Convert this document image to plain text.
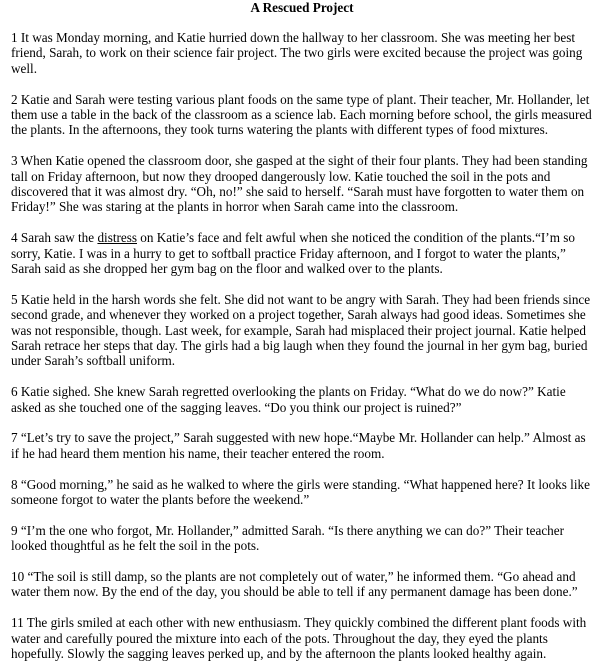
A Rescued Project

1 It was Monday morning, and Katie hurried down the hallway to her classroom. She was meeting her best friend, Sarah, to work on their science fair project. The two girls were excited because the project was going well.

2 Katie and Sarah were testing various plant foods on the same type of plant. Their teacher, Mr. Hollander, let them use a table in the back of the classroom as a science lab. Each morning before school, the girls measured the plants. In the afternoons, they took turns watering the plants with different types of food mixtures.

3 When Katie opened the classroom door, she gasped at the sight of their four plants. They had been standing tall on Friday afternoon, but now they drooped dangerously low. Katie touched the soil in the pots and discovered that it was almost dry. “Oh, no!” she said to herself. “Sarah must have forgotten to water them on Friday!” She was staring at the plants in horror when Sarah came into the classroom.

4 Sarah saw the distress on Katie’s face and felt awful when she noticed the condition of the plants.“I’m so sorry, Katie. I was in a hurry to get to softball practice Friday afternoon, and I forgot to water the plants,” Sarah said as she dropped her gym bag on the floor and walked over to the plants.

5 Katie held in the harsh words she felt. She did not want to be angry with Sarah. They had been friends since second grade, and whenever they worked on a project together, Sarah always had good ideas. Sometimes she was not responsible, though. Last week, for example, Sarah had misplaced their project journal. Katie helped Sarah retrace her steps that day. The girls had a big laugh when they found the journal in her gym bag, buried under Sarah’s softball uniform.

6 Katie sighed. She knew Sarah regretted overlooking the plants on Friday. “What do we do now?” Katie asked as she touched one of the sagging leaves. “Do you think our project is ruined?”

7 “Let’s try to save the project,” Sarah suggested with new hope.“Maybe Mr. Hollander can help.” Almost as if he had heard them mention his name, their teacher entered the room.

8 “Good morning,” he said as he walked to where the girls were standing. “What happened here? It looks like someone forgot to water the plants before the weekend.”

9 “I’m the one who forgot, Mr. Hollander,” admitted Sarah. “Is there anything we can do?” Their teacher looked thoughtful as he felt the soil in the pots.

10 “The soil is still damp, so the plants are not completely out of water,” he informed them. “Go ahead and water them now. By the end of the day, you should be able to tell if any permanent damage has been done.”

11 The girls smiled at each other with new enthusiasm. They quickly combined the different plant foods with water and carefully poured the mixture into each of the pots. Throughout the day, they eyed the plants hopefully. Slowly the sagging leaves perked up, and by the afternoon the plants looked healthy again.
